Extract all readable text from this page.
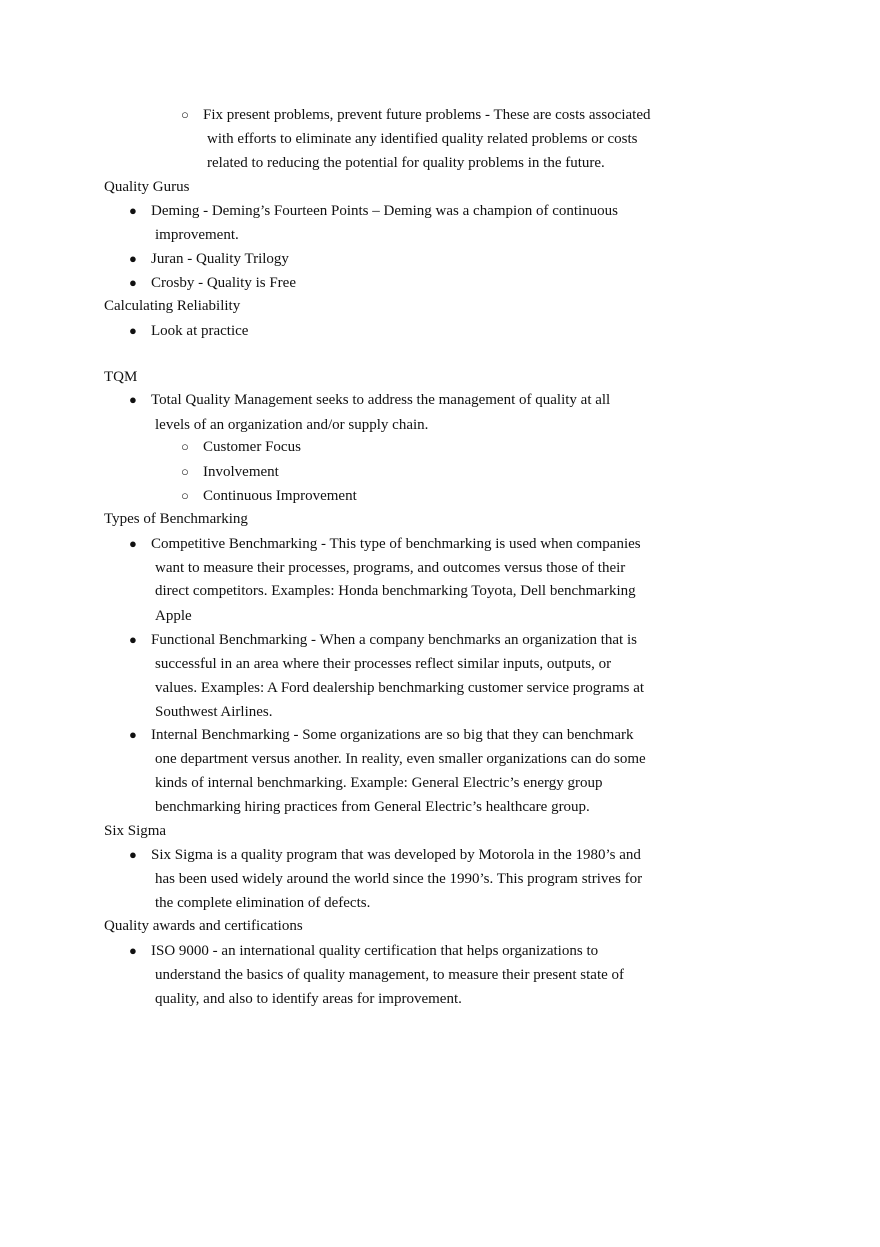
○ Fix present problems, prevent future problems - These are costs associated
with efforts to eliminate any identified quality related problems or costs
related to reducing the potential for quality problems in the future.
Quality Gurus
● Deming - Deming’s Fourteen Points – Deming was a champion of continuous
improvement.
● Juran - Quality Trilogy
● Crosby - Quality is Free
Calculating Reliability
● Look at practice
TQM
● Total Quality Management seeks to address the management of quality at all
levels of an organization and/or supply chain.
○ Customer Focus
○ Involvement
○ Continuous Improvement
Types of Benchmarking
● Competitive Benchmarking - This type of benchmarking is used when companies
want to measure their processes, programs, and outcomes versus those of their
direct competitors. Examples: Honda benchmarking Toyota, Dell benchmarking
Apple
● Functional Benchmarking - When a company benchmarks an organization that is
successful in an area where their processes reflect similar inputs, outputs, or
values. Examples: A Ford dealership benchmarking customer service programs at
Southwest Airlines.
● Internal Benchmarking - Some organizations are so big that they can benchmark
one department versus another. In reality, even smaller organizations can do some
kinds of internal benchmarking. Example: General Electric’s energy group
benchmarking hiring practices from General Electric’s healthcare group.
Six Sigma
● Six Sigma is a quality program that was developed by Motorola in the 1980’s and
has been used widely around the world since the 1990’s. This program strives for
the complete elimination of defects.
Quality awards and certifications
● ISO 9000 - an international quality certification that helps organizations to
understand the basics of quality management, to measure their present state of
quality, and also to identify areas for improvement.
